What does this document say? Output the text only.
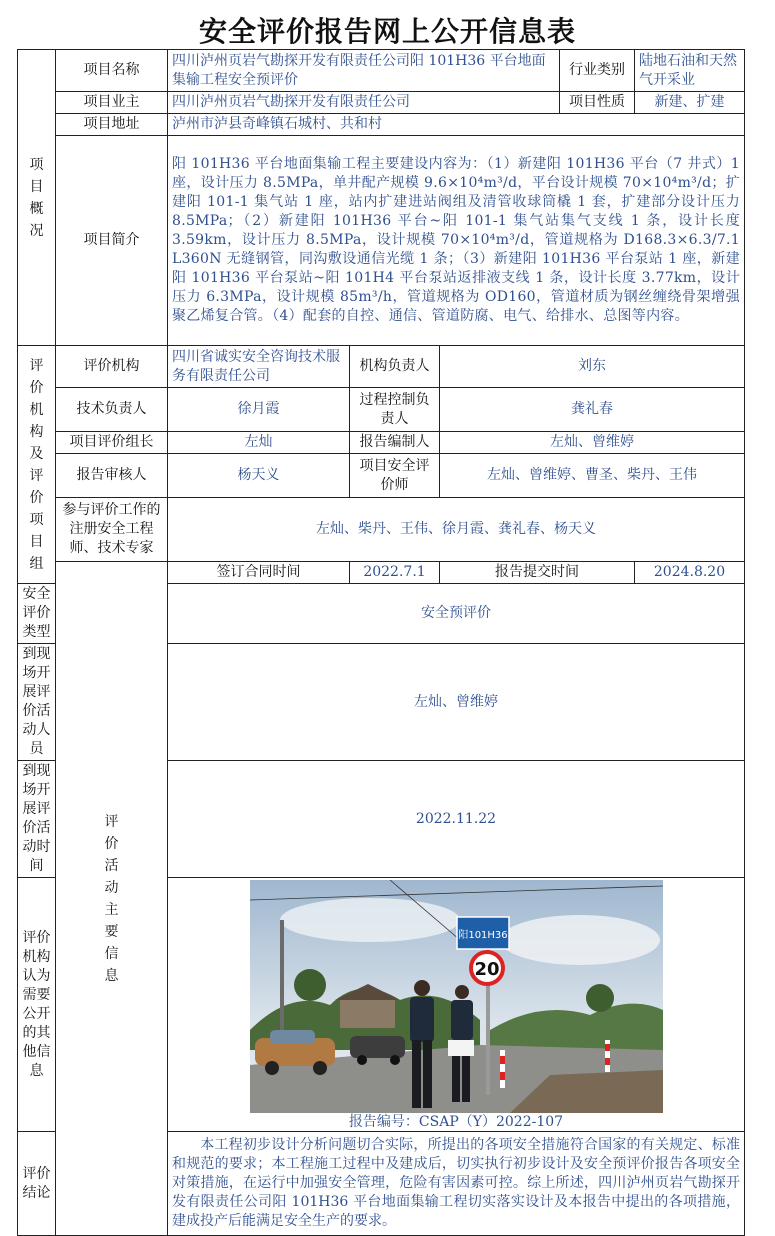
安全评价报告网上公开信息表
项目概况	项目名称	四川泸州页岩气勘探开发有限责任公司阳 101H36 平台地面集输工程安全预评价			行业类别	陆地石油和天然气开采业
	项目业主	四川泸州页岩气勘探开发有限责任公司			项目性质	新建、扩建
	项目地址	泸州市泸县奇峰镇石城村、共和村				
	项目简介	阳 101H36 平台地面集输工程主要建设内容为：（1）新建阳 101H36 平台（7 井式）1 座，设计压力 8.5MPa，单井配产规模 9.6×10⁴m³/d，平台设计规模 70×10⁴m³/d；扩建阳 101-1 集气站 1 座，站内扩建进站阀组及清管收球筒橇 1 套，扩建部分设计压力 8.5MPa；（2）新建阳 101H36 平台~阳 101-1 集气站集气支线 1 条，设计长度 3.59km，设计压力 8.5MPa，设计规模 70×10⁴m³/d，管道规格为 D168.3×6.3/7.1 L360N 无缝钢管，同沟敷设通信光缆 1 条；（3）新建阳 101H36 平台泵站 1 座，新建阳 101H36 平台泵站~阳 101H4 平台泵站返排液支线 1 条，设计长度 3.77km，设计压力 6.3MPa，设计规模 85m³/h，管道规格为 OD160，管道材质为钢丝缠绕骨架增强聚乙烯复合管。（4）配套的自控、通信、管道防腐、电气、给排水、总图等内容。				
评价机构及评价项目组	评价机构	四川省诚实安全咨询技术服务有限责任公司	机构负责人	刘东		
	技术负责人	徐月霞	过程控制负责人	龚礼春		
	项目评价组长	左灿	报告编制人	左灿、曾维婷		
	报告审核人	杨天义	项目安全评价师	左灿、曾维婷、曹圣、柴丹、王伟		
	参与评价工作的注册安全工程师、技术专家	左灿、柴丹、王伟、徐月霞、龚礼春、杨天义				
	评价活动主要信息	签订合同时间	2022.7.1	报告提交时间		2024.8.20
安全评价类型		安全预评价				
到现场开展评价活动人员		左灿、曾维婷				
到现场开展评价活动时间		2022.11.22				
评价机构认为需要公开的其他信息		阳101H36
20
报告编号：CSAP（Y）2022-107				

评价结论		本工程初步设计分析问题切合实际，所提出的各项安全措施符合国家的有关规定、标准和规范的要求；本工程施工过程中及建成后，切实执行初步设计及安全预评价报告各项安全对策措施，在运行中加强安全管理，危险有害因素可控。综上所述，四川泸州页岩气勘探开发有限责任公司阳 101H36 平台地面集输工程切实落实设计及本报告中提出的各项措施，建成投产后能满足安全生产的要求。				
